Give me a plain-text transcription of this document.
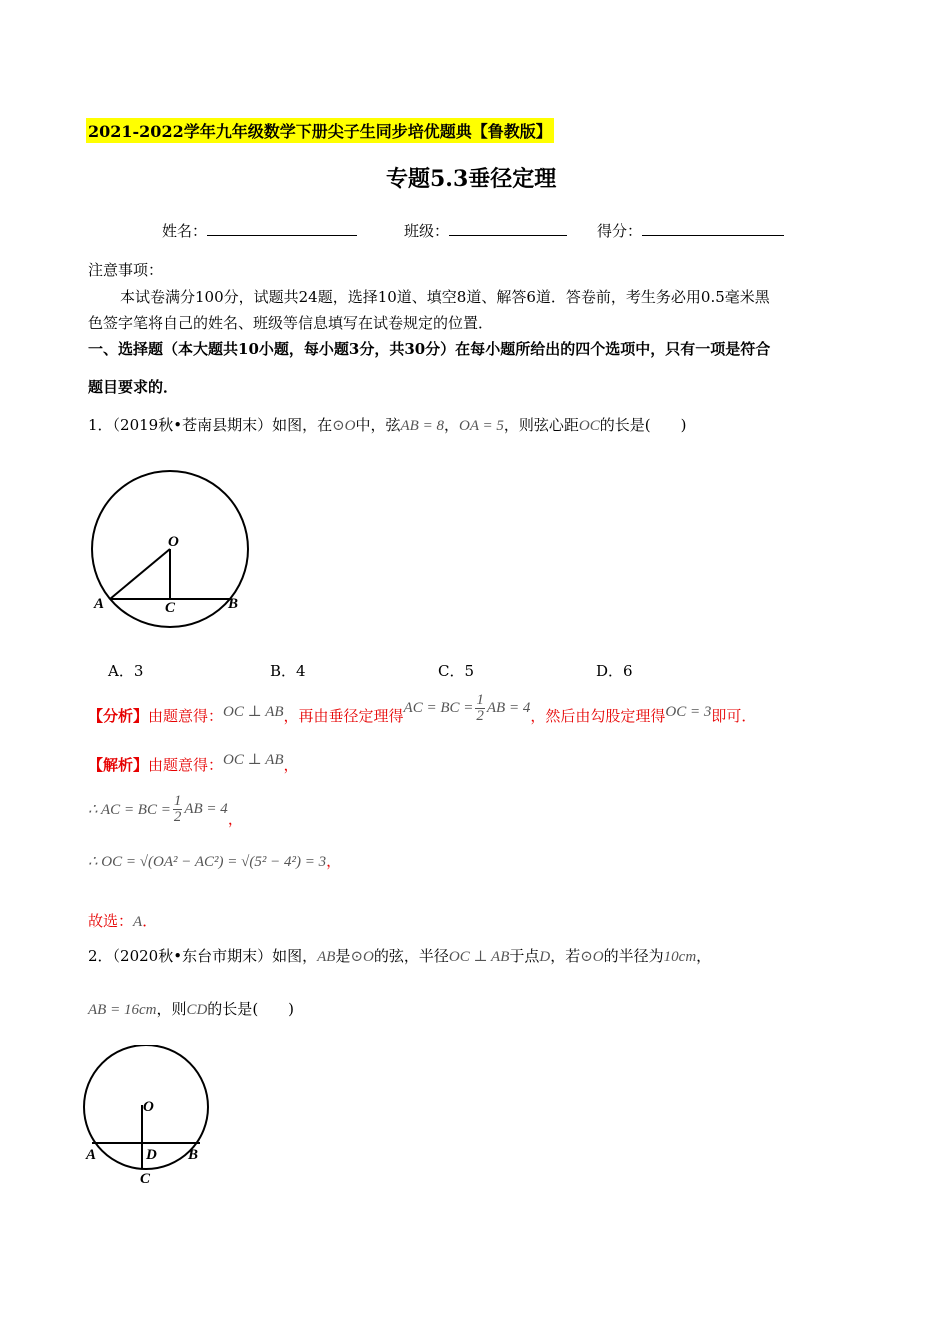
2021-2022学年九年级数学下册尖子生同步培优题典【鲁教版】
专题5.3垂径定理
姓名：	班级：	得分：
注意事项：
本试卷满分100分，试题共24题，选择10道、填空8道、解答6道．答卷前，考生务必用0.5毫米黑
色签字笔将自己的姓名、班级等信息填写在试卷规定的位置．
一、选择题（本大题共10小题，每小题3分，共30分）在每小题所给出的四个选项中，只有一项是符合
题目要求的．
1．（2019秋•苍南县期末）如图，在⊙O中，弦AB = 8，OA = 5，则弦心距OC的长是(　　)
O
A	B
C
A．3	B．4	C．5	D．6
【分析】 由题意得： OC ⊥ AB ，再由垂径定理得 AC = BC = $\frac{1}{2}$ AB = 4 ，然后由勾股定理得 OC = 3 即可．
【解析】由题意得：OC ⊥ AB，
∴ AC = BC = $\frac{1}{2}$ AB = 4
，
∴ OC = √(OA² − AC²) = √(5² − 4²) = 3，
故选：A．
2．（2020秋•东台市期末）如图，AB是⊙O的弦，半径OC ⊥ AB于点D，若⊙O的半径为10cm，
AB = 16cm，则CD的长是(　　)
O
A	B
D
C
